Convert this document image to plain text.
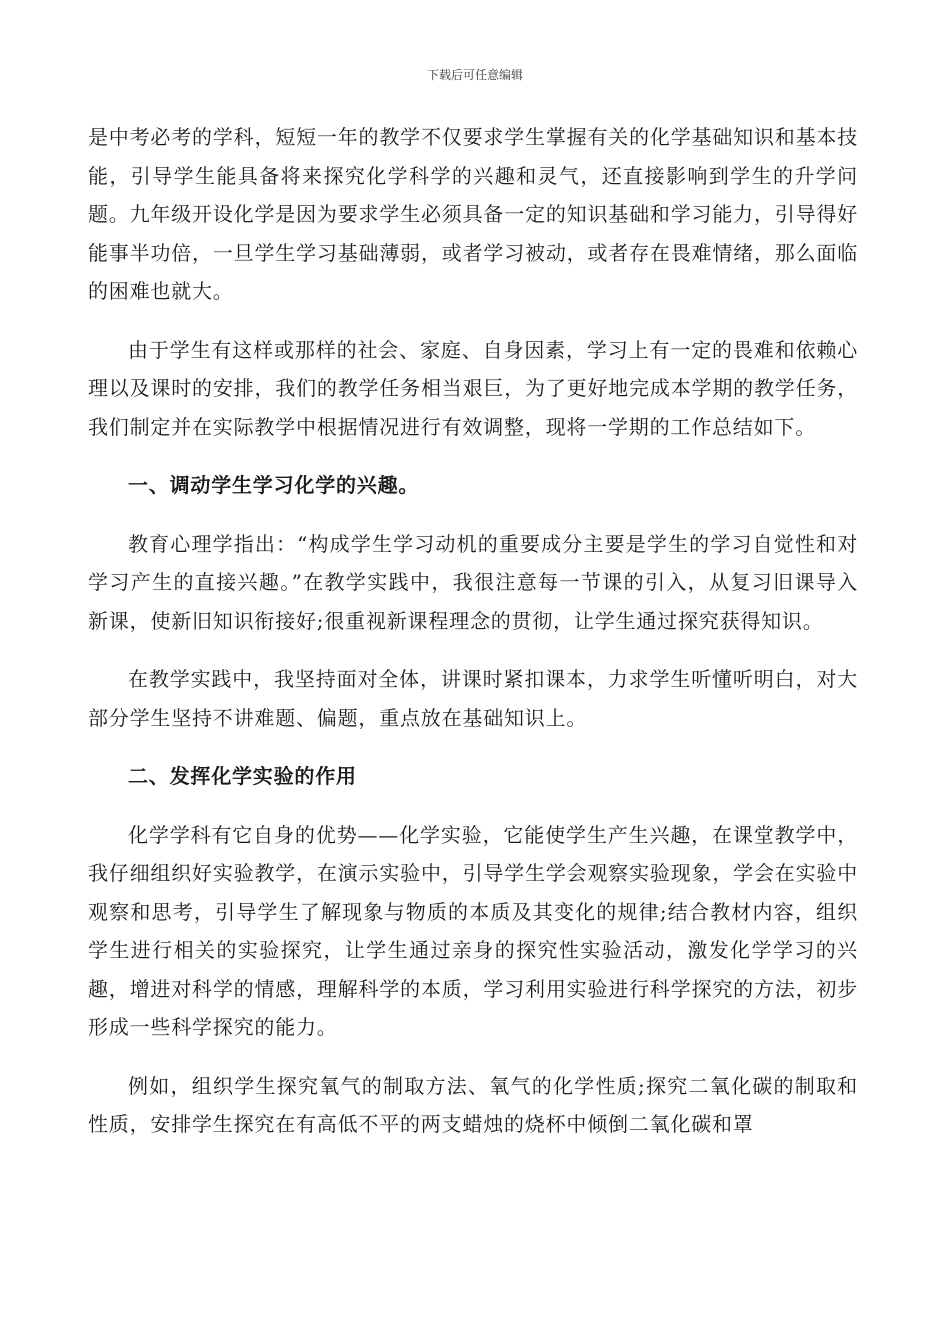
下载后可任意编辑

是中考必考的学科，短短一年的教学不仅要求学生掌握有关的化学基础知识和基本技能，引导学生能具备将来探究化学科学的兴趣和灵气，还直接影响到学生的升学问题。九年级开设化学是因为要求学生必须具备一定的知识基础和学习能力，引导得好能事半功倍，一旦学生学习基础薄弱，或者学习被动，或者存在畏难情绪，那么面临的困难也就大。

由于学生有这样或那样的社会、家庭、自身因素，学习上有一定的畏难和依赖心理以及课时的安排，我们的教学任务相当艰巨，为了更好地完成本学期的教学任务，我们制定并在实际教学中根据情况进行有效调整，现将一学期的工作总结如下。

一、调动学生学习化学的兴趣。

教育心理学指出：“构成学生学习动机的重要成分主要是学生的学习自觉性和对学习产生的直接兴趣。”在教学实践中，我很注意每一节课的引入，从复习旧课导入新课，使新旧知识衔接好;很重视新课程理念的贯彻，让学生通过探究获得知识。

在教学实践中，我坚持面对全体，讲课时紧扣课本，力求学生听懂听明白，对大部分学生坚持不讲难题、偏题，重点放在基础知识上。

二、发挥化学实验的作用

化学学科有它自身的优势——化学实验，它能使学生产生兴趣，在课堂教学中，我仔细组织好实验教学，在演示实验中，引导学生学会观察实验现象，学会在实验中观察和思考，引导学生了解现象与物质的本质及其变化的规律;结合教材内容，组织学生进行相关的实验探究，让学生通过亲身的探究性实验活动，激发化学学习的兴趣，增进对科学的情感，理解科学的本质，学习利用实验进行科学探究的方法，初步形成一些科学探究的能力。

例如，组织学生探究氧气的制取方法、氧气的化学性质;探究二氧化碳的制取和性质，安排学生探究在有高低不平的两支蜡烛的烧杯中倾倒二氧化碳和罩
